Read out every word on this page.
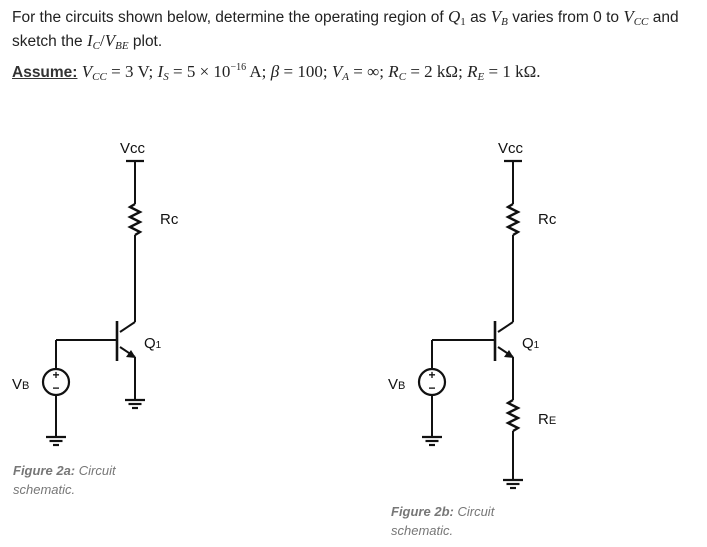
For the circuits shown below, determine the operating region of $Q_1$ as $V_B$ varies from 0 to $V_{CC}$ and
sketch the $I_C/V_{BE}$ plot.
Assume: $V_{CC} = 3$ V; $I_S = 5 \times 10^{-16}$ A; β = 100; $V_A$ = ∞; $R_C = 2$ kΩ; $R_E = 1$ kΩ.
+
−
Vcc
Rc
Q1
VB
+
−
Vcc
Rc
Q1
VB
RE
Figure 2a: Circuit schematic.
Figure 2b: Circuit schematic.
